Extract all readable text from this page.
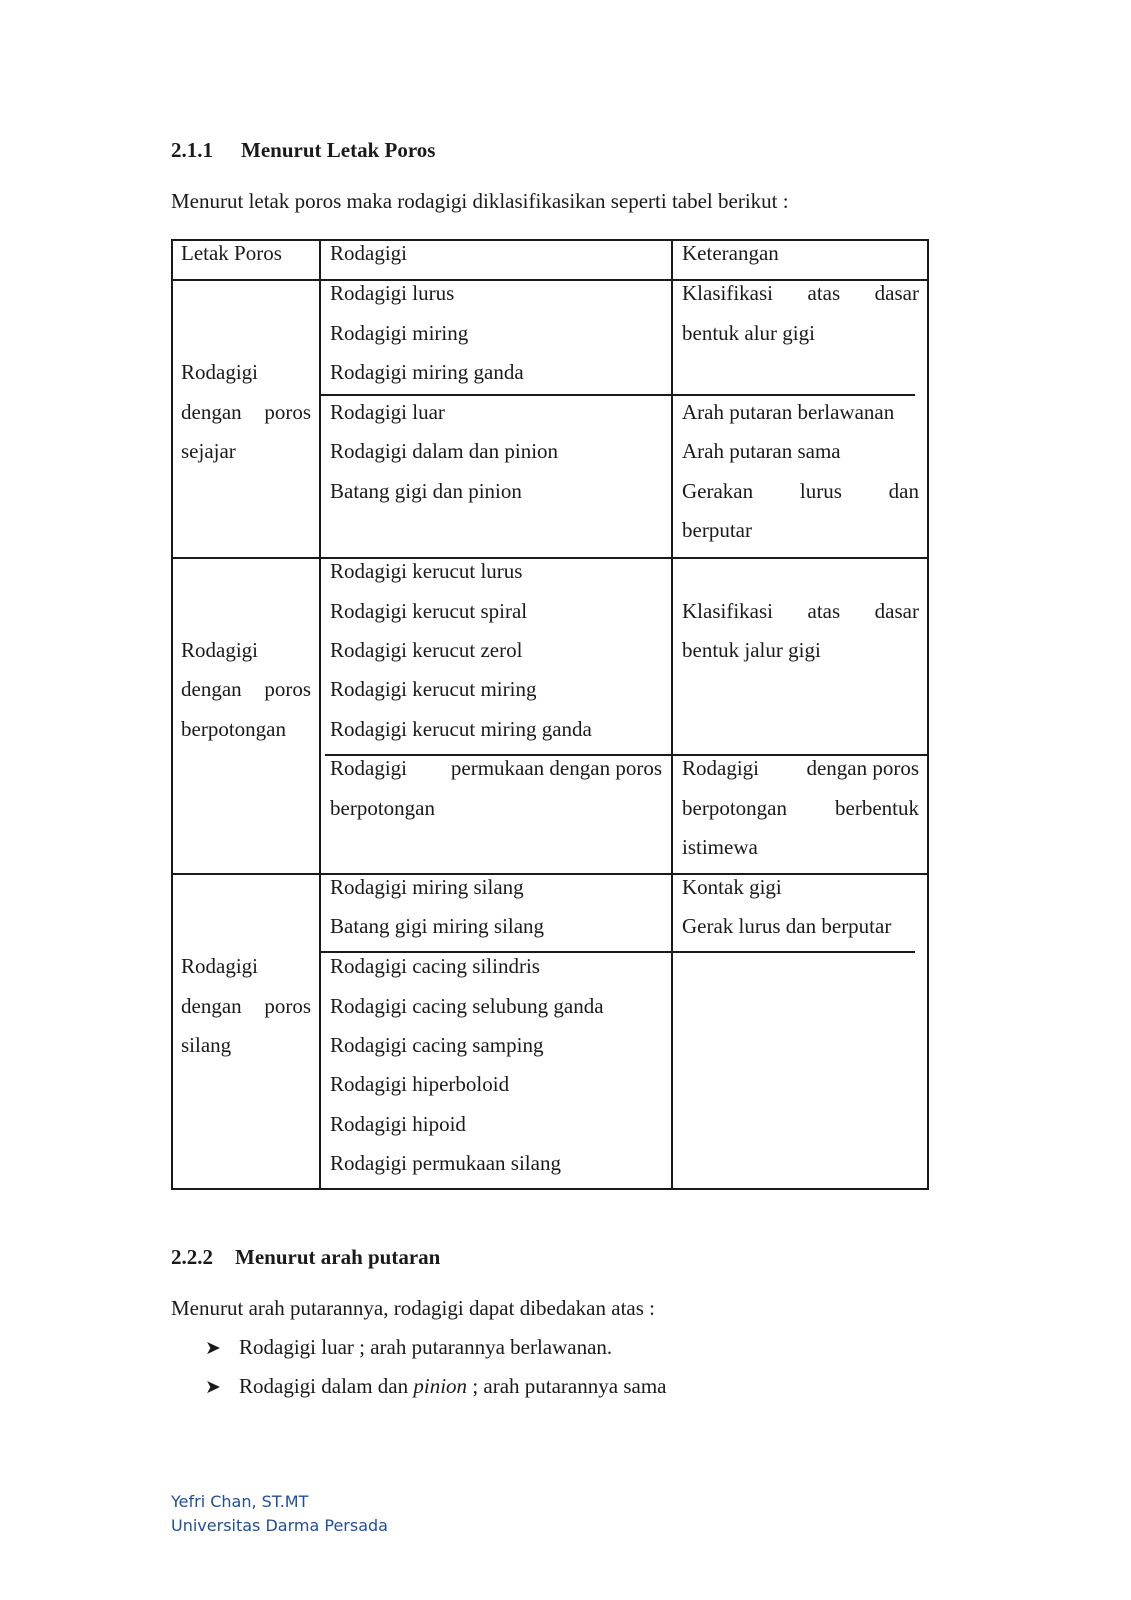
2.1.1 Menurut Letak Poros
Menurut letak poros maka rodagigi diklasifikasikan seperti tabel berikut :
Letak Poros Rodagigi	Keterangan
Rodagigi
dengan poros
sejajar
Rodagigi lurus
Rodagigi miring
Rodagigi miring ganda
Klasifikasi atas dasar
bentuk alur gigi
Rodagigi luar
Rodagigi dalam dan pinion
Batang gigi dan pinion
Arah putaran berlawanan
Arah putaran sama
Gerakan lurus dan
berputar
Rodagigi
dengan poros
berpotongan
Rodagigi kerucut lurus
Rodagigi kerucut spiral
Rodagigi kerucut zerol
Rodagigi kerucut miring
Rodagigi kerucut miring ganda
Klasifikasi atas dasar
bentuk jalur gigi
Rodagigi permukaan dengan poros
berpotongan
Rodagigi dengan poros
berpotongan berbentuk
istimewa
Rodagigi
dengan poros
silang
Rodagigi miring silang
Batang gigi miring silang
Kontak gigi
Gerak lurus dan berputar
Rodagigi cacing silindris
Rodagigi cacing selubung ganda
Rodagigi cacing samping
Rodagigi hiperboloid
Rodagigi hipoid
Rodagigi permukaan silang
2.2.2 Menurut arah putaran
Menurut arah putarannya, rodagigi dapat dibedakan atas :
➤ Rodagigi luar ; arah putarannya berlawanan.
➤ Rodagigi dalam dan pinion ; arah putarannya sama
Yefri Chan, ST.MT
Universitas Darma Persada
